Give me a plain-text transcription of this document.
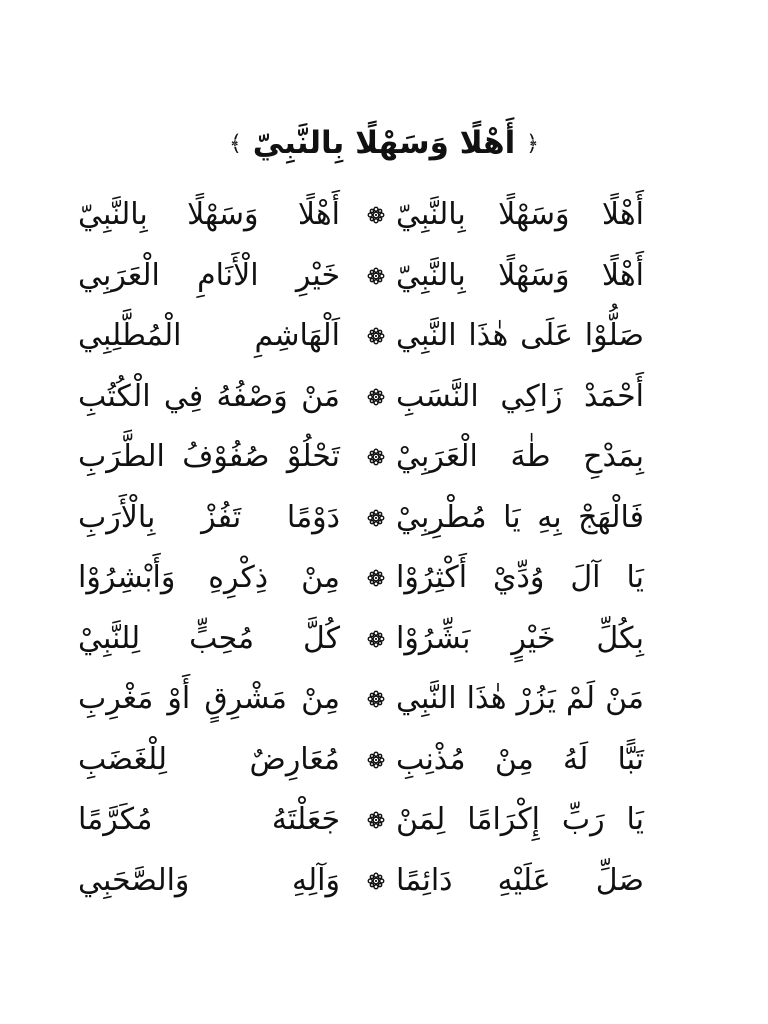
﴿ أَهْلًا وَسَهْلًا بِالنَّبِيّ ﴾
أَهْلًا وَسَهْلًا بِالنَّبِيّ
أَهْلًا وَسَهْلًا بِالنَّبِيّ
أَهْلًا وَسَهْلًا بِالنَّبِيّ
خَيْرِ الْأَنَامِ الْعَرَبِي
صَلُّوْا عَلَى هٰذَا النَّبِي
اَلْهَاشِمِ الْمُطَّلِبِي
أَحْمَدْ زَاكِي النَّسَبِ
مَنْ وَصْفُهُ فِي الْكُتُبِ
بِمَدْحِ طٰهَ الْعَرَبِيْ
تَحْلُوْ صُفُوْفُ الطَّرَبِ
فَالْهَجْ بِهِ يَا مُطْرِبِيْ
دَوْمًا تَفُزْ بِالْأَرَبِ
يَا آلَ وُدِّيْ أَكْثِرُوْا
مِنْ ذِكْرِهِ وَأَبْشِرُوْا
بِكُلِّ خَيْرٍ بَشِّرُوْا
كُلَّ مُحِبٍّ لِلنَّبِيْ
مَنْ لَمْ يَزُرْ هٰذَا النَّبِي
مِنْ مَشْرِقٍ أَوْ مَغْرِبِ
تَبًّا لَهُ مِنْ مُذْنِبِ
مُعَارِضٌ لِلْغَضَبِ
يَا رَبِّ إِكْرَامًا لِمَنْ
جَعَلْتَهُ مُكَرَّمًا
صَلِّ عَلَيْهِ دَائِمًا
وَآلِهِ وَالصَّحَبِي
